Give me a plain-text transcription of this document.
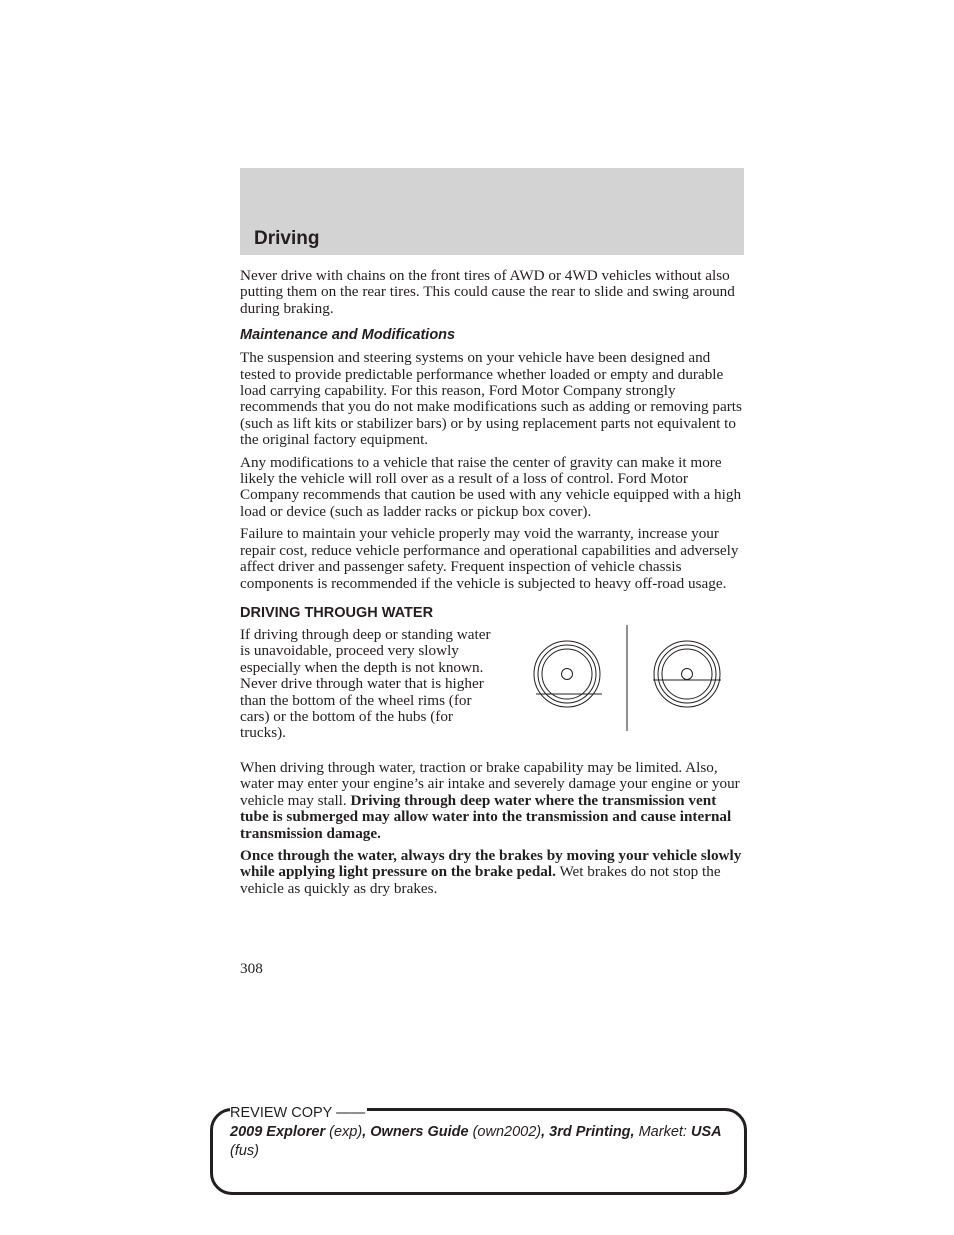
Driving

Never drive with chains on the front tires of AWD or 4WD vehicles without also putting them on the rear tires. This could cause the rear to slide and swing around during braking.

Maintenance and Modifications

The suspension and steering systems on your vehicle have been designed and tested to provide predictable performance whether loaded or empty and durable load carrying capability. For this reason, Ford Motor Company strongly recommends that you do not make modifications such as adding or removing parts (such as lift kits or stabilizer bars) or by using replacement parts not equivalent to the original factory equipment.

Any modifications to a vehicle that raise the center of gravity can make it more likely the vehicle will roll over as a result of a loss of control. Ford Motor Company recommends that caution be used with any vehicle equipped with a high load or device (such as ladder racks or pickup box cover).

Failure to maintain your vehicle properly may void the warranty, increase your repair cost, reduce vehicle performance and operational capabilities and adversely affect driver and passenger safety. Frequent inspection of vehicle chassis components is recommended if the vehicle is subjected to heavy off-road usage.

DRIVING THROUGH WATER

If driving through deep or standing water is unavoidable, proceed very slowly especially when the depth is not known. Never drive through water that is higher than the bottom of the wheel rims (for cars) or the bottom of the hubs (for trucks).

When driving through water, traction or brake capability may be limited. Also, water may enter your engine’s air intake and severely damage your engine or your vehicle may stall. Driving through deep water where the transmission vent tube is submerged may allow water into the transmission and cause internal transmission damage.

Once through the water, always dry the brakes by moving your vehicle slowly while applying light pressure on the brake pedal. Wet brakes do not stop the vehicle as quickly as dry brakes.

308

REVIEW COPY ——
2009 Explorer (exp), Owners Guide (own2002), 3rd Printing, Market: USA
(fus)
